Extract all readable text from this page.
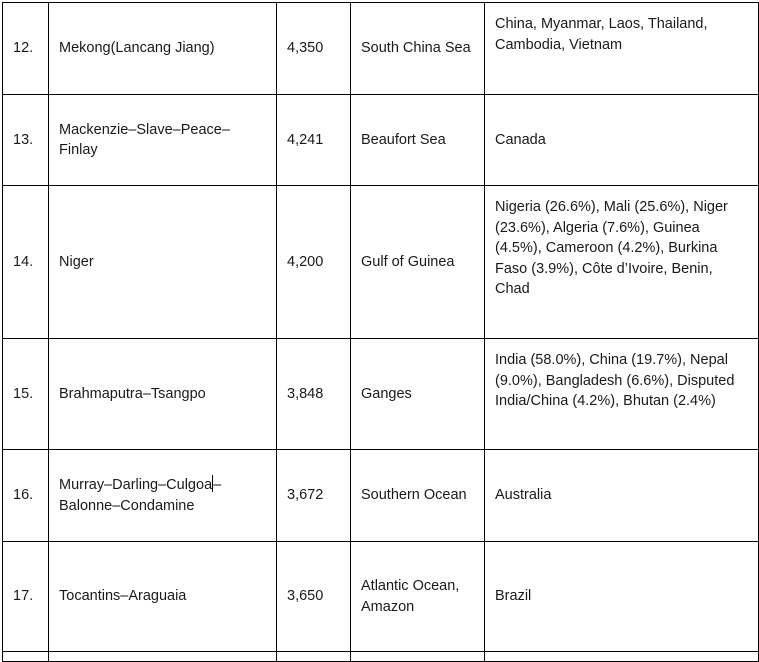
12.	Mekong(Lancang Jiang)	4,350	South China Sea	China, Myanmar, Laos, Thailand, Cambodia, Vietnam
13.	Mackenzie–Slave–Peace–Finlay	4,241	Beaufort Sea	Canada
14.	Niger	4,200	Gulf of Guinea	Nigeria (26.6%), Mali (25.6%), Niger (23.6%), Algeria (7.6%), Guinea (4.5%), Cameroon (4.2%), Burkina Faso (3.9%), Côte d’Ivoire, Benin, Chad
15.	Brahmaputra–Tsangpo	3,848	Ganges	India (58.0%), China (19.7%), Nepal (9.0%), Bangladesh (6.6%), Disputed India/China (4.2%), Bhutan (2.4%)
16.	Murray–Darling–Culgoa–Balonne–Condamine	3,672	Southern Ocean	Australia
17.	Tocantins–Araguaia	3,650	Atlantic Ocean, Amazon	Brazil
